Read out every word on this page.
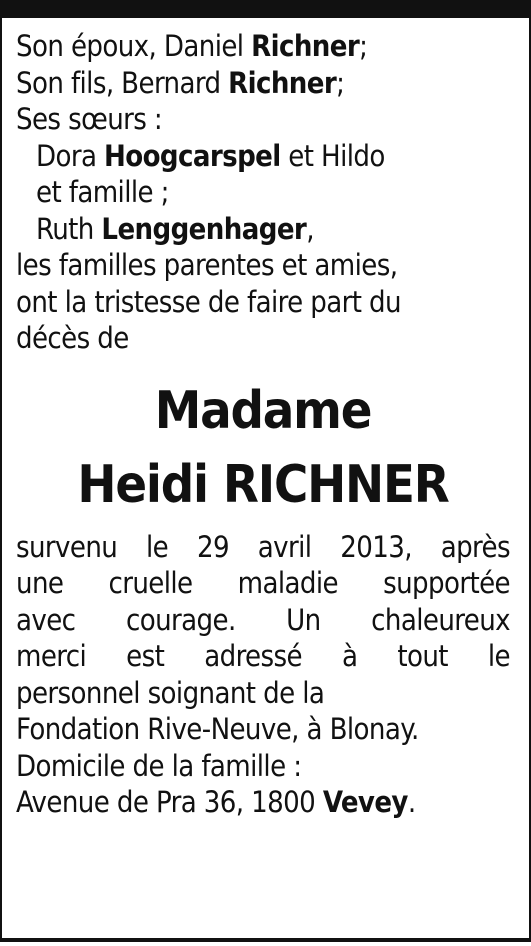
Son époux, Daniel Richner;
Son fils, Bernard Richner;
Ses sœurs :
Dora Hoogcarspel et Hildo
et famille ;
Ruth Lenggenhager,
les familles parentes et amies,
ont la tristesse de faire part du
décès de
Madame
Heidi RICHNER
survenu le 29 avril 2013, après
une cruelle maladie supportée
avec courage. Un chaleureux
merci est adressé à tout le
personnel soignant de la
Fondation Rive-Neuve, à Blonay.
Domicile de la famille :
Avenue de Pra 36, 1800 Vevey.
